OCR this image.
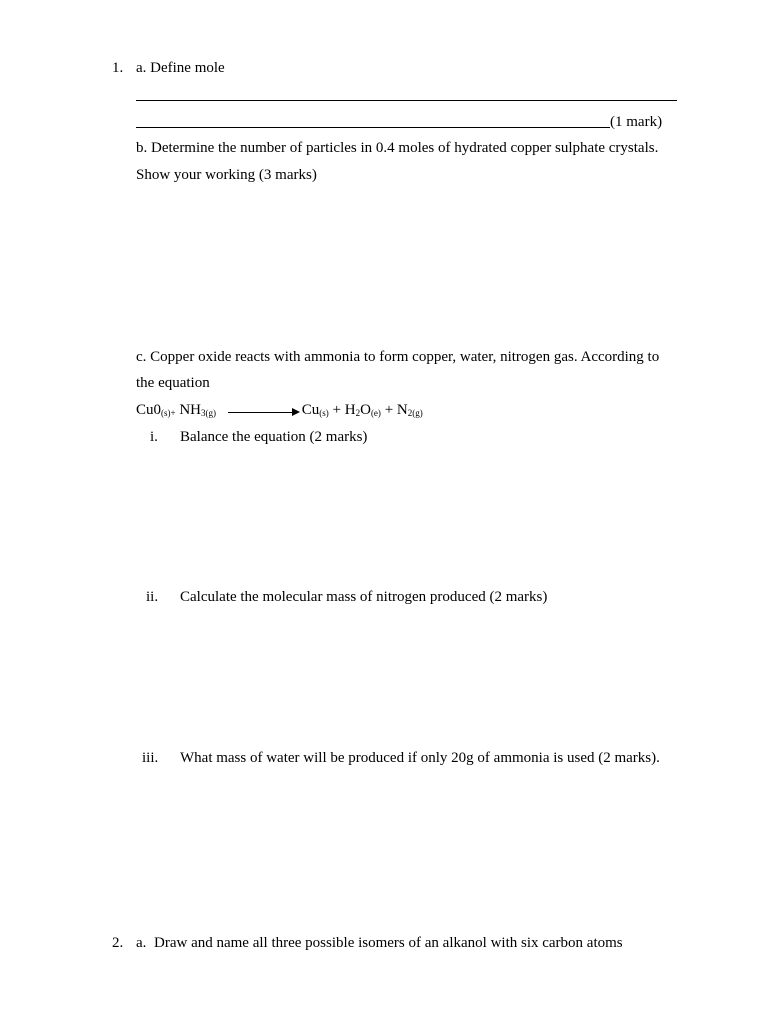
1. a. Define mole
(1 mark)
b. Determine the number of particles in 0.4 moles of hydrated copper sulphate crystals.
Show your working (3 marks)
c. Copper oxide reacts with ammonia to form copper, water, nitrogen gas. According to
the equation
$Cu0_{(s)+}$ $NH_{3(g)}$	$Cu_{(s)} + H_2O_{(e)} + N_{2(g)}$
i. Balance the equation (2 marks)
ii. Calculate the molecular mass of nitrogen produced (2 marks)
iii. What mass of water will be produced if only 20g of ammonia is used (2 marks).
2. a. Draw and name all three possible isomers of an alkanol with six carbon atoms
